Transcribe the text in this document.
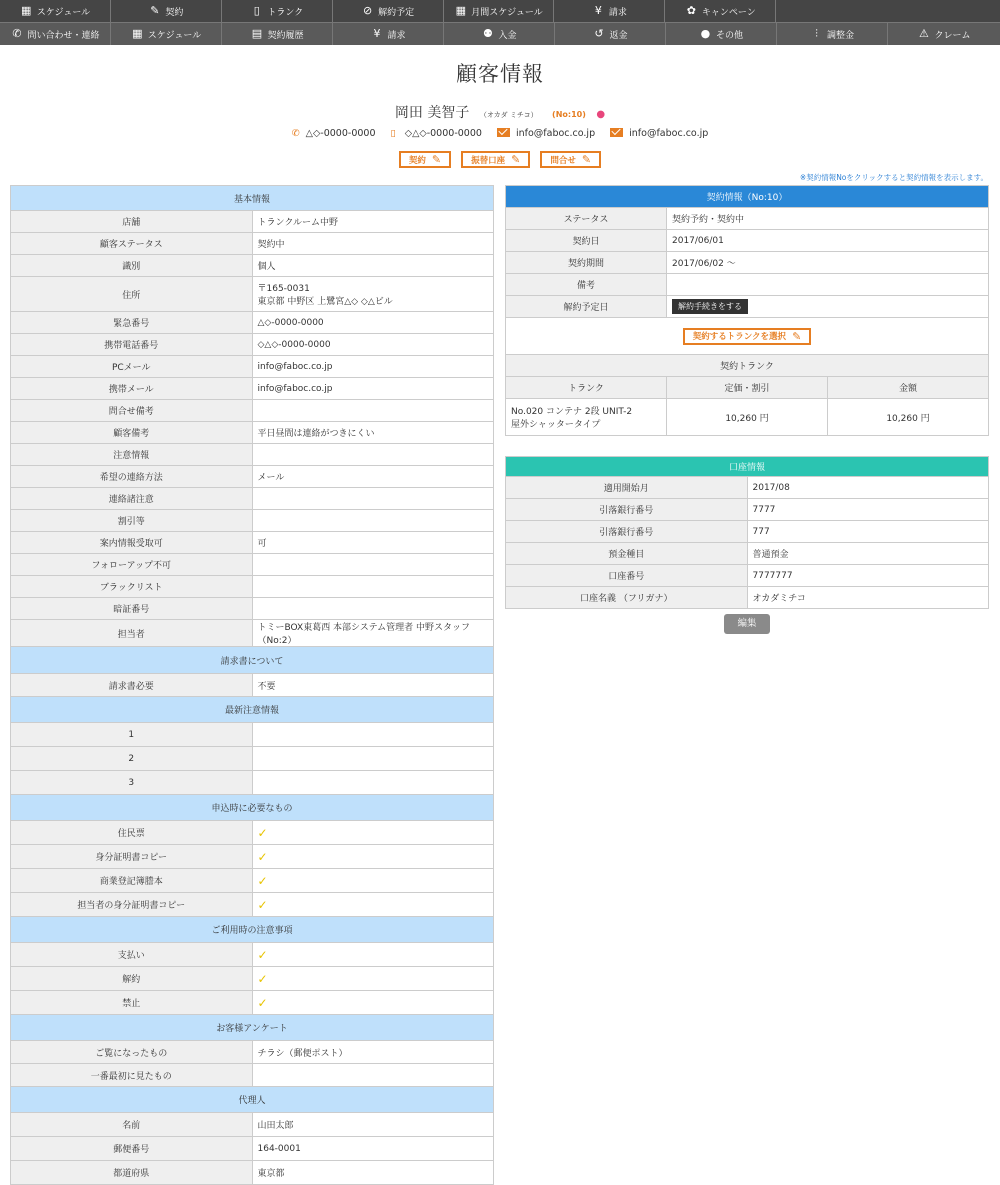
▦ スケジュール	✎ 契約	▯ トランク	⊘ 解約予定	▦ 月間スケジュール	¥ 請求	✿ キャンペーン
✆ 問い合わせ・連絡	▦ スケジュール	▤ 契約履歴	¥ 請求	⚉ 入金	↺ 返金	● その他	⫶	調整金	⚠ クレーム
顧客情報
岡田 美智子 （オカダ ミチコ） (No:10) ●
✆ △◇-0000-0000 ▯ ◇△◇-0000-0000	info@faboc.co.jp	info@faboc.co.jp
契約 ✎	振替口座 ✎	問合せ ✎
※契約情報Noをクリックすると契約情報を表示します。
基本情報	
店舗	トランクルーム中野
顧客ステータス	契約中
識別	個人
住所	〒165-0031
東京都 中野区 上鷺宮△◇ ◇△ビル

緊急番号	△◇-0000-0000
携帯電話番号	◇△◇-0000-0000
PCメール	info@faboc.co.jp
携帯メール	info@faboc.co.jp
問合せ備考	
顧客備考	平日昼間は連絡がつきにくい
注意情報	
希望の連絡方法	メール
連絡諸注意	
割引等	
案内情報受取可	可
フォローアップ不可	
ブラックリスト	
暗証番号	
担当者	トミーBOX東葛西 本部システム管理者 中野スタッフ（No:2）
請求書について	
請求書必要	不要
最新注意情報	
1	
2	
3	
申込時に必要なもの	
住民票	✓
身分証明書コピー	✓
商業登記簿謄本	✓
担当者の身分証明書コピー	✓
ご利用時の注意事項	
支払い	✓
解約	✓
禁止	✓
お客様アンケート	
ご覧になったもの	チラシ（郵便ポスト）
一番最初に見たもの	
代理人	
名前	山田太郎
郵便番号	164-0001
都道府県	東京都
契約情報（No:10）		
ステータス	契約予約・契約中	
契約日	2017/06/01	
契約期間	2017/06/02 ～	
備考		
解約予定日	解約手続きをする	

契約するトランクを選択 ✎		

契約トランク		
トランク	定価・割引	金額

No.020 コンテナ 2段 UNIT-2
屋外シャッタータイプ	10,260 円	10,260 円
口座情報	
適用開始月	2017/08
引落銀行番号	7777
引落銀行番号	777
預金種目	普通預金
口座番号	7777777
口座名義 （フリガナ）	オカダミチコ
編集
